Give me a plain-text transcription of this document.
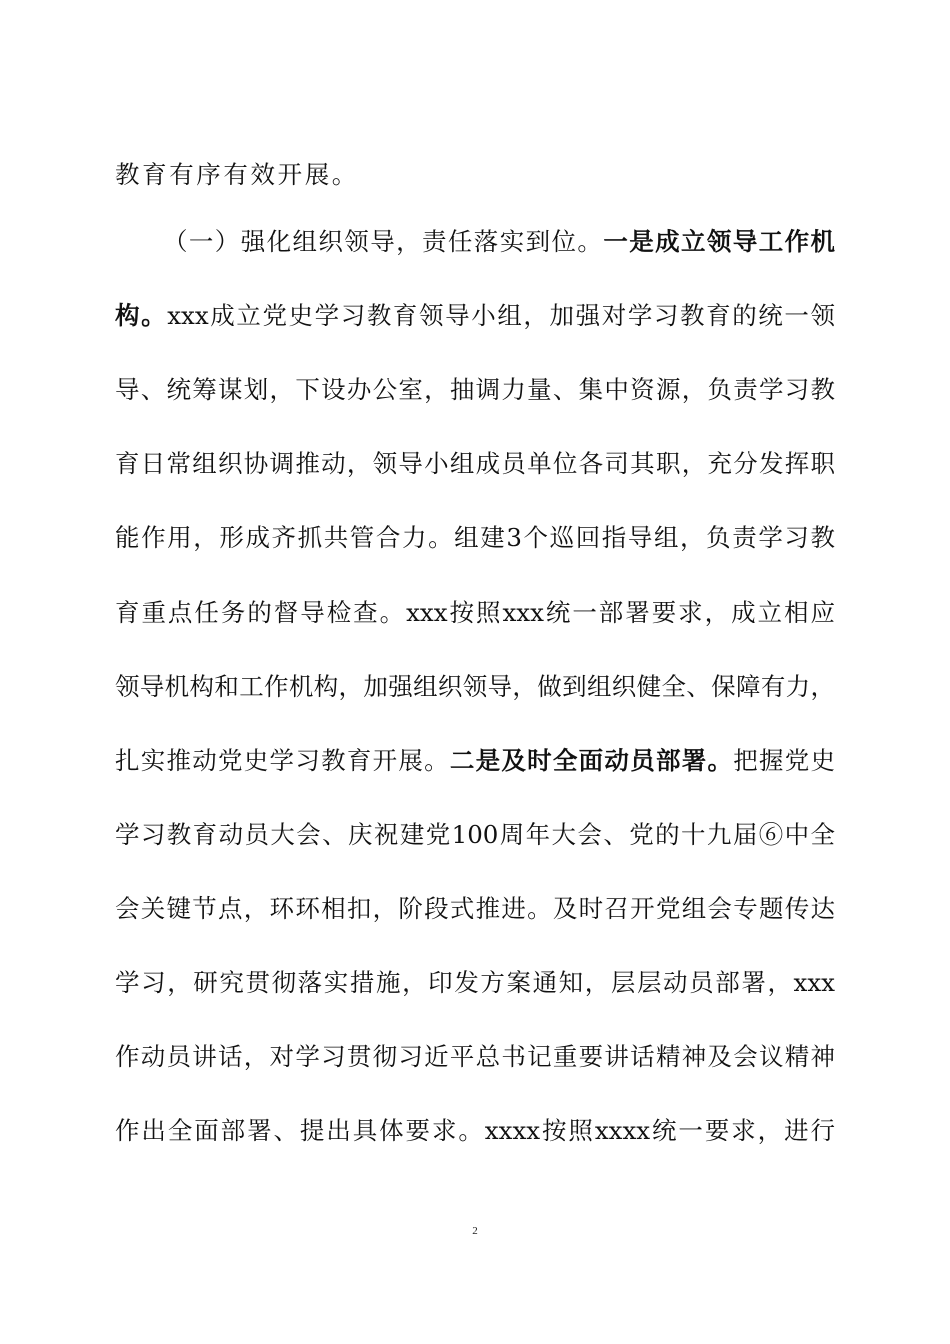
教育有序有效开展。
（一）强化组织领导，责任落实到位。一是成立领导工作机
构。xxx成立党史学习教育领导小组，加强对学习教育的统一领
导、统筹谋划，下设办公室，抽调力量、集中资源，负责学习教
育日常组织协调推动，领导小组成员单位各司其职，充分发挥职
能作用，形成齐抓共管合力。组建3个巡回指导组，负责学习教
育重点任务的督导检查。xxx按照xxx统一部署要求，成立相应
领导机构和工作机构，加强组织领导，做到组织健全、保障有力，
扎实推动党史学习教育开展。二是及时全面动员部署。把握党史
学习教育动员大会、庆祝建党100周年大会、党的十九届⑥中全
会关键节点，环环相扣，阶段式推进。及时召开党组会专题传达
学习，研究贯彻落实措施，印发方案通知，层层动员部署，xxx
作动员讲话，对学习贯彻习近平总书记重要讲话精神及会议精神
作出全面部署、提出具体要求。xxxx按照xxxx统一要求，进行
2
